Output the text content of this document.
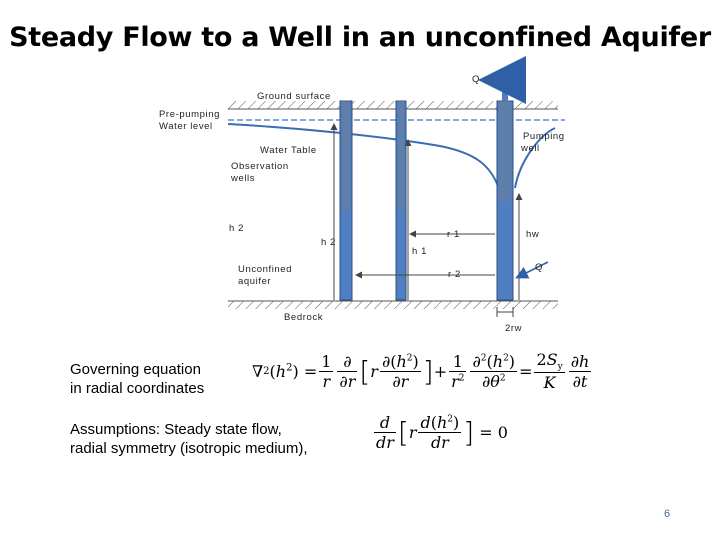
Steady Flow to a Well in an unconfined Aquifer
Q
Ground surface
Pre-pumping
Water level
Pumping
well
Water Table
Observation
wells
h 2
h 2
r 1	hw
h 1
Unconfined
aquifer
r 2
Q
Bedrock
2rw
Governing equation
in radial coordinates
∇ 2 $(h^2) = \frac{1}{r} \frac{\partial}{\partial r}$ [ r $\frac{\partial(h^2)}{\partial r}$ ] + $\frac{1}{r^2} \frac{\partial^2(h^2)}{\partial\theta^2} = \frac{2S_y}{K} \frac{\partial h}{\partial t}$
Assumptions: Steady state flow,
radial symmetry (isotropic medium),	$\frac{d}{dr}$ [ r $\frac{d(h^2)}{dr}$ ] = 0
6
